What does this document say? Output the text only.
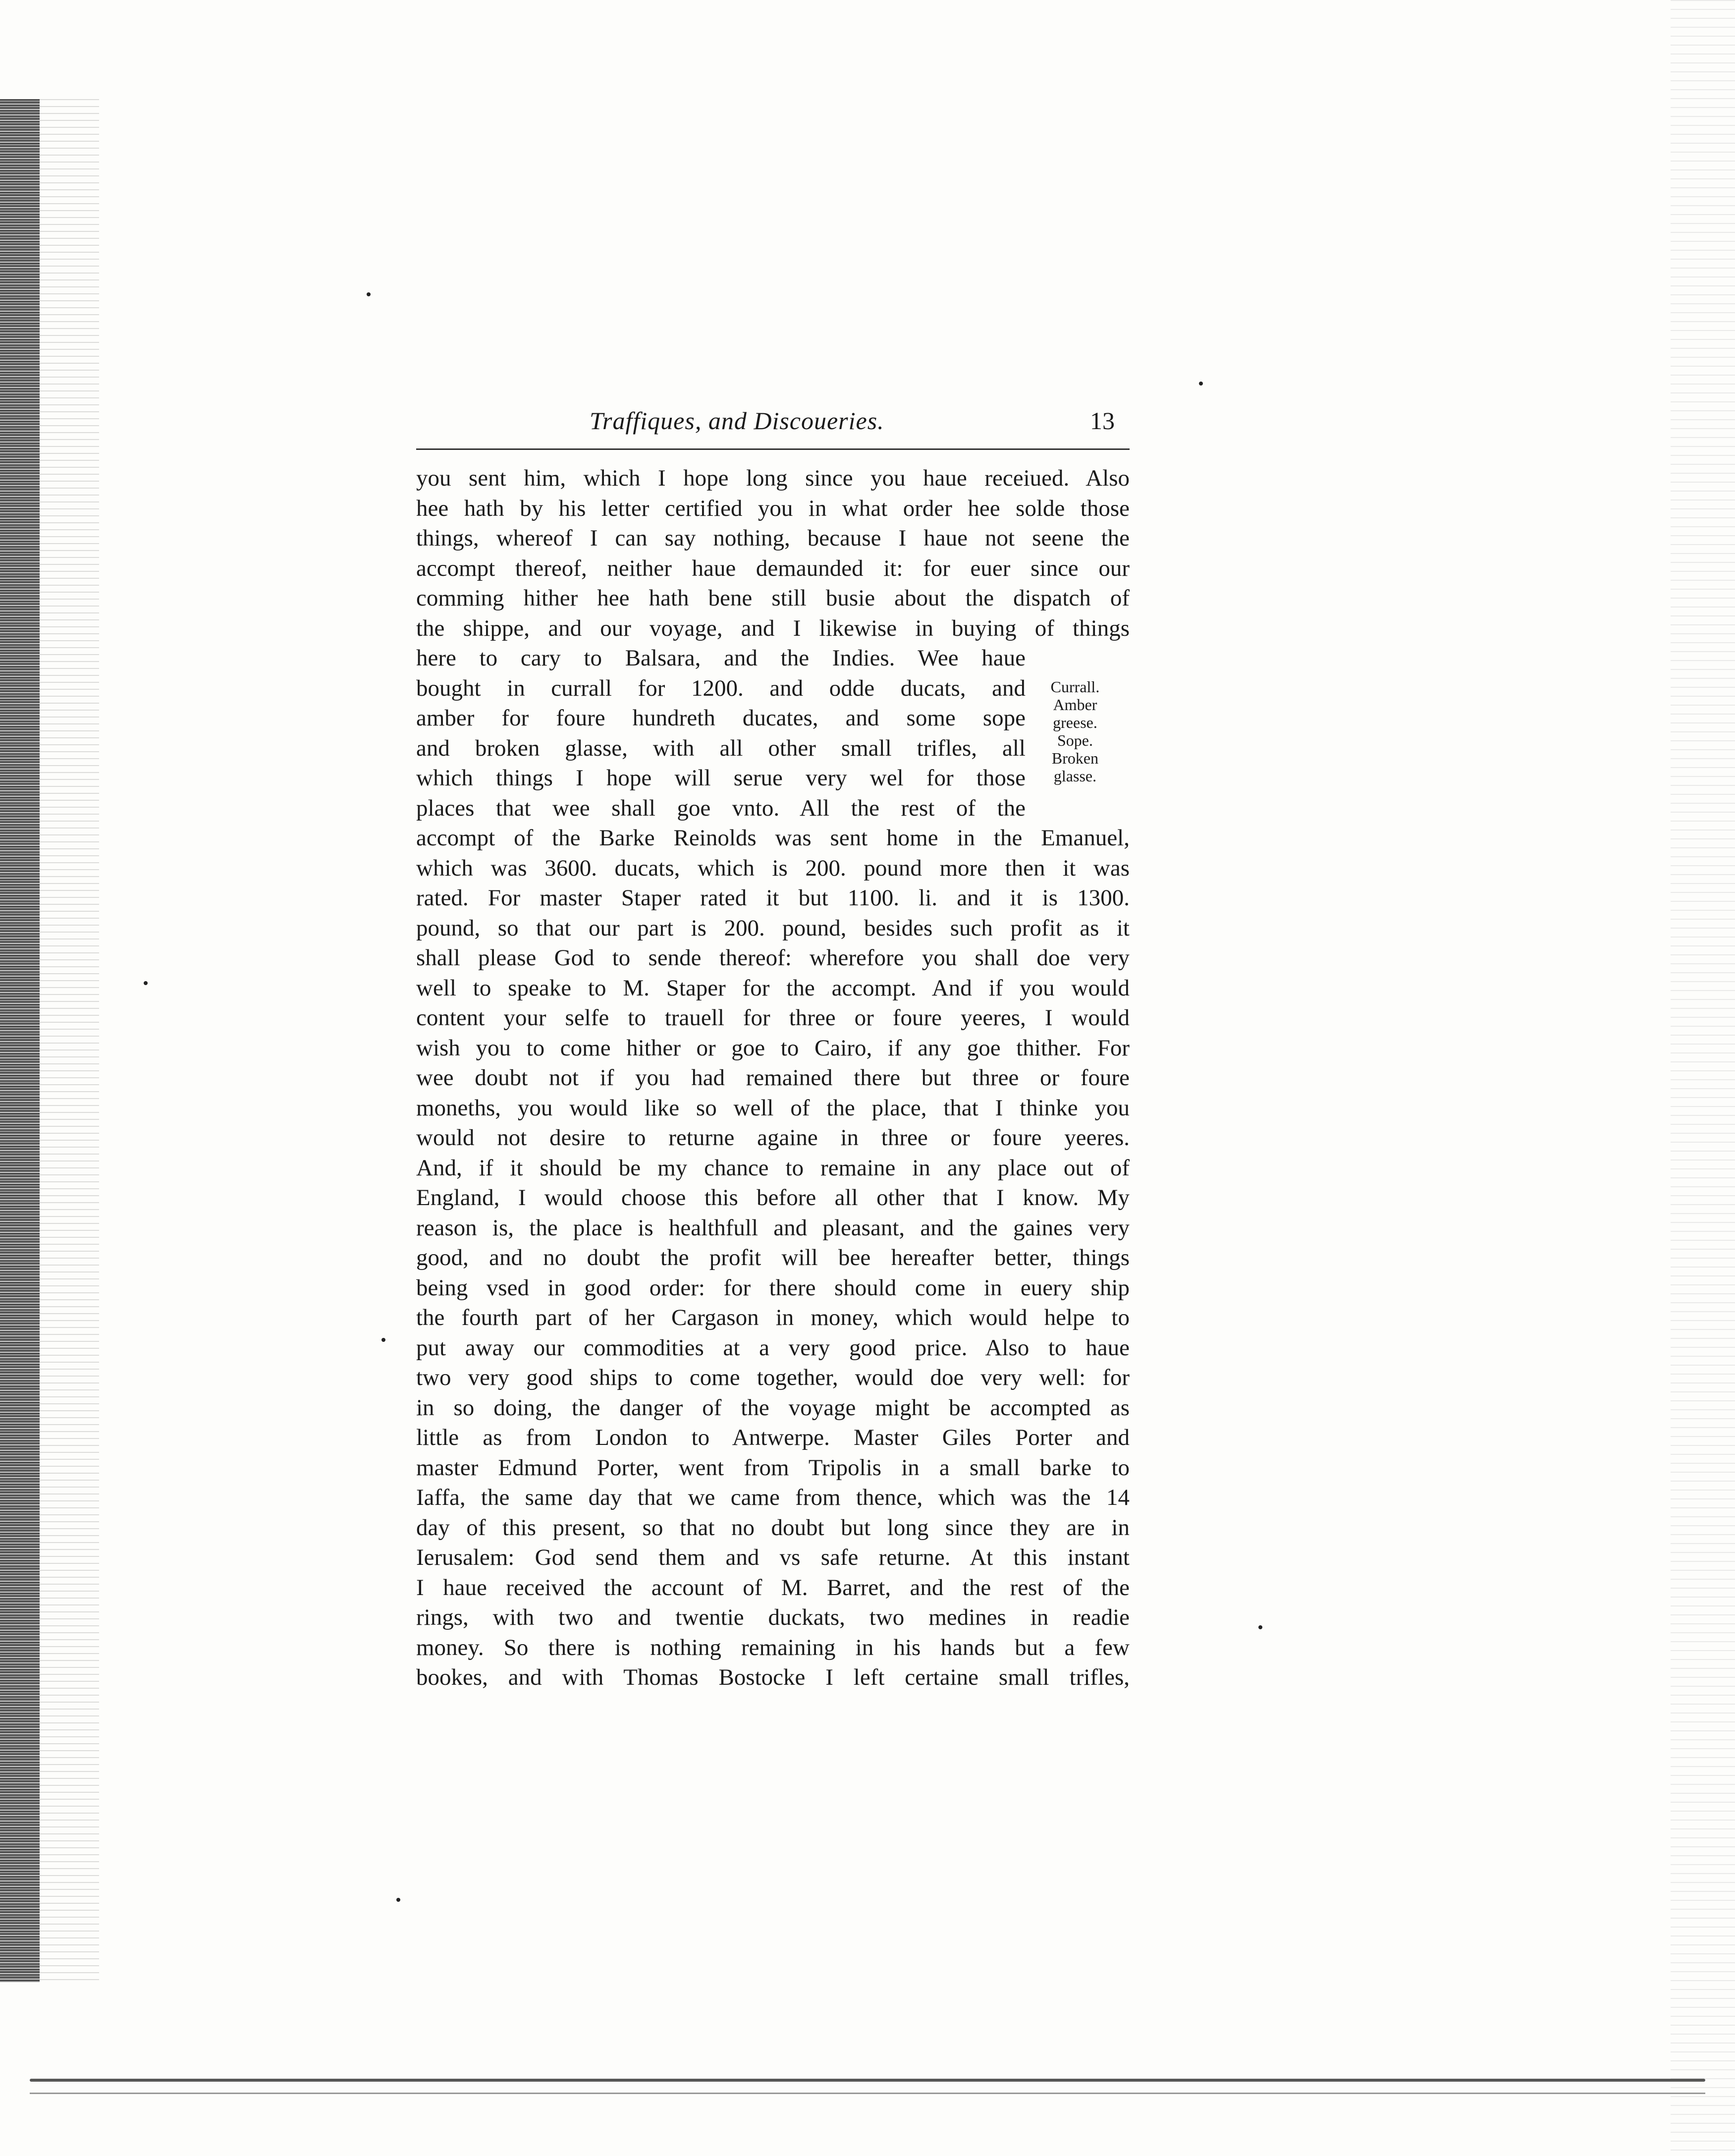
Traffiques, and Discoueries.	13
you sent him, which I hope long since you haue receiued. Also
hee hath by his letter certified you in what order hee solde those
things, whereof I can say nothing, because I haue not seene the
accompt thereof, neither haue demaunded it: for euer since our
comming hither hee hath bene still busie about the dispatch of
the shippe, and our voyage, and I likewise in buying of things
here to cary to Balsara, and the Indies. Wee haue
bought in currall for 1200. and odde ducats, and
amber for foure hundreth ducates, and some sope
and broken glasse, with all other small trifles, all
which things I hope will serue very wel for those
places that wee shall goe vnto. All the rest of the
accompt of the Barke Reinolds was sent home in the Emanuel,
which was 3600. ducats, which is 200. pound more then it was
rated. For master Staper rated it but 1100. li. and it is 1300.
pound, so that our part is 200. pound, besides such profit as it
shall please God to sende thereof: wherefore you shall doe very
well to speake to M. Staper for the accompt. And if you would
content your selfe to trauell for three or foure yeeres, I would
wish you to come hither or goe to Cairo, if any goe thither. For
wee doubt not if you had remained there but three or foure
moneths, you would like so well of the place, that I thinke you
would not desire to returne againe in three or foure yeeres.
And, if it should be my chance to remaine in any place out of
England, I would choose this before all other that I know. My
reason is, the place is healthfull and pleasant, and the gaines very
good, and no doubt the profit will bee hereafter better, things
being vsed in good order: for there should come in euery ship
the fourth part of her Cargason in money, which would helpe to
put away our commodities at a very good price. Also to haue
two very good ships to come together, would doe very well: for
in so doing, the danger of the voyage might be accompted as
little as from London to Antwerpe. Master Giles Porter and
master Edmund Porter, went from Tripolis in a small barke to
Iaffa, the same day that we came from thence, which was the 14
day of this present, so that no doubt but long since they are in
Ierusalem: God send them and vs safe returne. At this instant
I haue received the account of M. Barret, and the rest of the
rings, with two and twentie duckats, two medines in readie
money. So there is nothing remaining in his hands but a few
bookes, and with Thomas Bostocke I left certaine small trifles,
Currall.
Amber
greese.
Sope.
Broken
glasse.
